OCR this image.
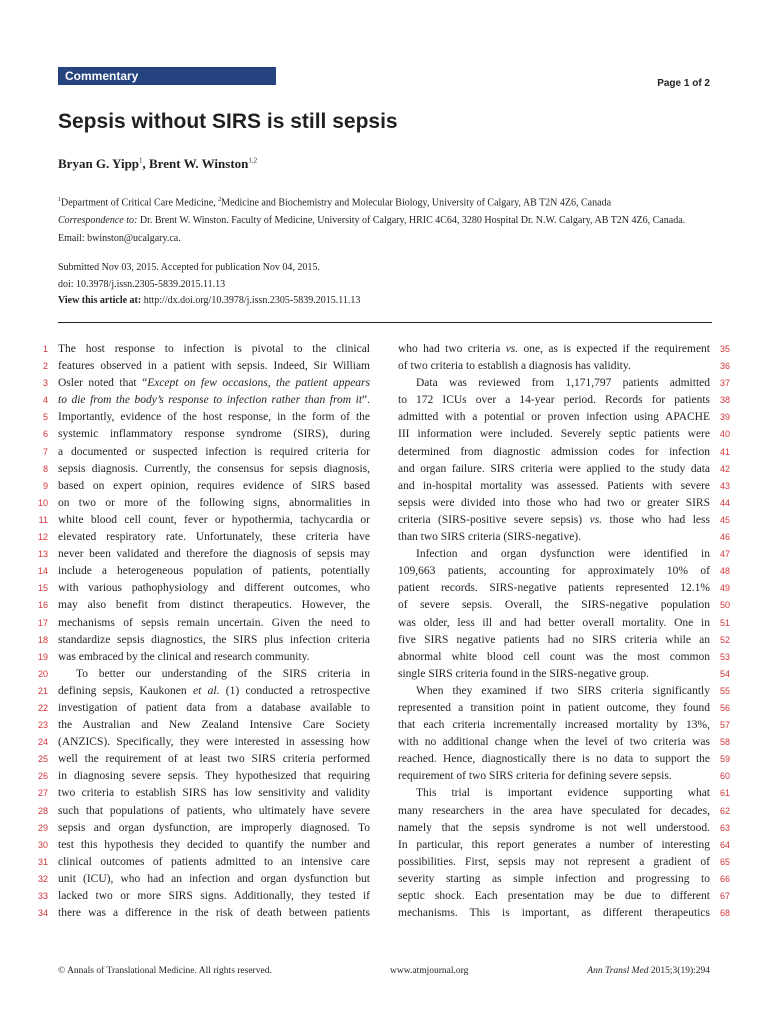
Commentary
Page 1 of 2
Sepsis without SIRS is still sepsis
Bryan G. Yipp$^1$, Brent W. Winston$^{1,2}$
$^1$Department of Critical Care Medicine, $^2$Medicine and Biochemistry and Molecular Biology, University of Calgary, AB T2N 4Z6, Canada
Correspondence to: Dr. Brent W. Winston. Faculty of Medicine, University of Calgary, HRIC 4C64, 3280 Hospital Dr. N.W. Calgary, AB T2N 4Z6, Canada. Email: bwinston@ucalgary.ca.
Submitted Nov 03, 2015. Accepted for publication Nov 04, 2015.
doi: 10.3978/j.issn.2305-5839.2015.11.13
View this article at: http://dx.doi.org/10.3978/j.issn.2305-5839.2015.11.13
1
2
3
4
5
6
7
8
9
10
11
12
13
14
15
16
17
18
19
20
21
22
23
24
25
26
27
28
29
30
31
32
33
34
The host response to infection is pivotal to the clinical
features observed in a patient with sepsis. Indeed, Sir William
Osler noted that “Except on few occasions, the patient appears
to die from the body’s response to infection rather than from it”.
Importantly, evidence of the host response, in the form of the
systemic inflammatory response syndrome (SIRS), during
a documented or suspected infection is required criteria for
sepsis diagnosis. Currently, the consensus for sepsis diagnosis,
based on expert opinion, requires evidence of SIRS based
on two or more of the following signs, abnormalities in
white blood cell count, fever or hypothermia, tachycardia or
elevated respiratory rate. Unfortunately, these criteria have
never been validated and therefore the diagnosis of sepsis may
include a heterogeneous population of patients, potentially
with various pathophysiology and different outcomes, who
may also benefit from distinct therapeutics. However, the
mechanisms of sepsis remain uncertain. Given the need to
standardize sepsis diagnostics, the SIRS plus infection criteria
was embraced by the clinical and research community.
To better our understanding of the SIRS criteria in
defining sepsis, Kaukonen et al. (1) conducted a retrospective
investigation of patient data from a database available to
the Australian and New Zealand Intensive Care Society
(ANZICS). Specifically, they were interested in assessing how
well the requirement of at least two SIRS criteria performed
in diagnosing severe sepsis. They hypothesized that requiring
two criteria to establish SIRS has low sensitivity and validity
such that populations of patients, who ultimately have severe
sepsis and organ dysfunction, are improperly diagnosed. To
test this hypothesis they decided to quantify the number and
clinical outcomes of patients admitted to an intensive care
unit (ICU), who had an infection and organ dysfunction but
lacked two or more SIRS signs. Additionally, they tested if
there was a difference in the risk of death between patients
who had two criteria vs. one, as is expected if the requirement
of two criteria to establish a diagnosis has validity.
Data was reviewed from 1,171,797 patients admitted
to 172 ICUs over a 14-year period. Records for patients
admitted with a potential or proven infection using APACHE
III information were included. Severely septic patients were
determined from diagnostic admission codes for infection
and organ failure. SIRS criteria were applied to the study data
and in-hospital mortality was assessed. Patients with severe
sepsis were divided into those who had two or greater SIRS
criteria (SIRS-positive severe sepsis) vs. those who had less
than two SIRS criteria (SIRS-negative).
Infection and organ dysfunction were identified in
109,663 patients, accounting for approximately 10% of
patient records. SIRS-negative patients represented 12.1%
of severe sepsis. Overall, the SIRS-negative population
was older, less ill and had better overall mortality. One in
five SIRS negative patients had no SIRS criteria while an
abnormal white blood cell count was the most common
single SIRS criteria found in the SIRS-negative group.
When they examined if two SIRS criteria significantly
represented a transition point in patient outcome, they found
that each criteria incrementally increased mortality by 13%,
with no additional change when the level of two criteria was
reached. Hence, diagnostically there is no data to support the
requirement of two SIRS criteria for defining severe sepsis.
This trial is important evidence supporting what
many researchers in the area have speculated for decades,
namely that the sepsis syndrome is not well understood.
In particular, this report generates a number of interesting
possibilities. First, sepsis may not represent a gradient of
severity starting as simple infection and progressing to
septic shock. Each presentation may be due to different
mechanisms. This is important, as different therapeutics
35
36
37
38
39
40
41
42
43
44
45
46
47
48
49
50
51
52
53
54
55
56
57
58
59
60
61
62
63
64
65
66
67
68
© Annals of Translational Medicine. All rights reserved.	www.atmjournal.org	Ann Transl Med 2015;3(19):294
